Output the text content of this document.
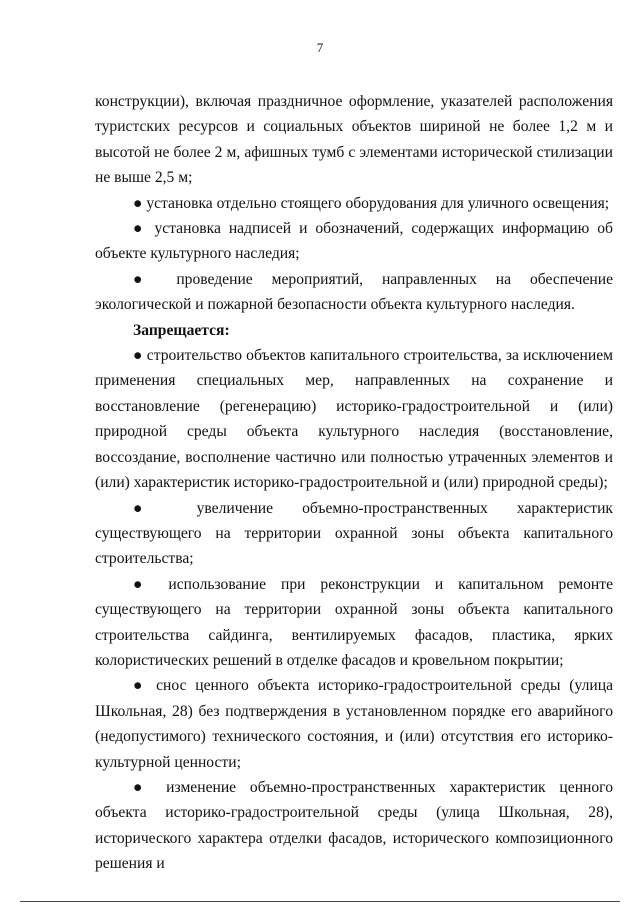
7

конструкции), включая праздничное оформление, указателей расположения туристских ресурсов и социальных объектов шириной не более 1,2 м и высотой не более 2 м, афишных тумб с элементами исторической стилизации не выше 2,5 м;

● установка отдельно стоящего оборудования для уличного освещения;

● установка надписей и обозначений, содержащих информацию об объекте культурного наследия;

● проведение мероприятий, направленных на обеспечение экологической и пожарной безопасности объекта культурного наследия.

Запрещается:

● строительство объектов капитального строительства, за исключением применения специальных мер, направленных на сохранение и восстановление (регенерацию) историко-градостроительной и (или) природной среды объекта культурного наследия (восстановление, воссоздание, восполнение частично или полностью утраченных элементов и (или) характеристик историко-градостроительной и (или) природной среды);

● увеличение объемно-пространственных характеристик существующего на территории охранной зоны объекта капитального строительства;

● использование при реконструкции и капитальном ремонте существующего на территории охранной зоны объекта капитального строительства сайдинга, вентилируемых фасадов, пластика, ярких колористических решений в отделке фасадов и кровельном покрытии;

● снос ценного объекта историко-градостроительной среды (улица Школьная, 28) без подтверждения в установленном порядке его аварийного (недопустимого) технического состояния, и (или) отсутствия его историко-культурной ценности;

● изменение объемно-пространственных характеристик ценного объекта историко-градостроительной среды (улица Школьная, 28), исторического характера отделки фасадов, исторического композиционного решения и
